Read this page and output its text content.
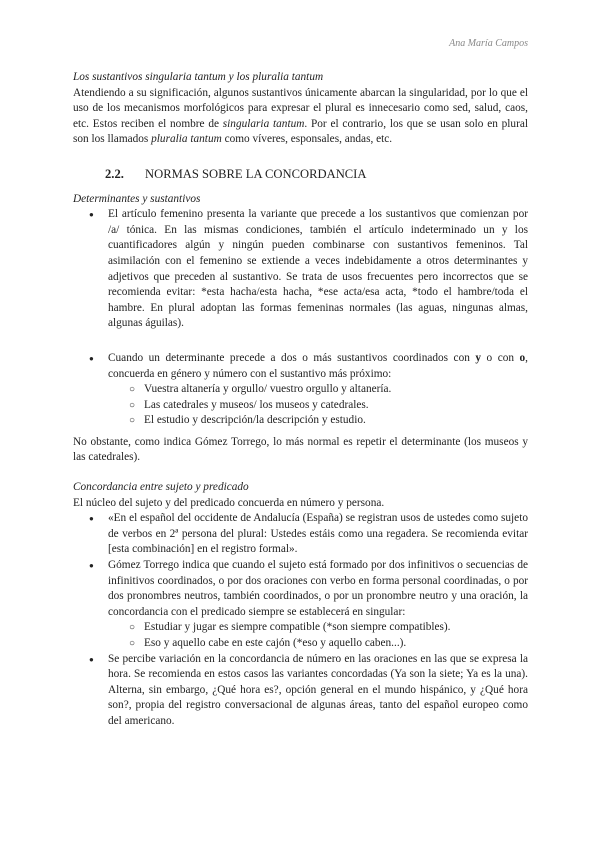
Ana María Campos

Los sustantivos singularia tantum y los pluralia tantum

Atendiendo a su significación, algunos sustantivos únicamente abarcan la singularidad, por lo que el uso de los mecanismos morfológicos para expresar el plural es innecesario como sed, salud, caos, etc. Estos reciben el nombre de singularia tantum. Por el contrario, los que se usan solo en plural son los llamados pluralia tantum como víveres, esponsales, andas, etc.

2.2. NORMAS SOBRE LA CONCORDANCIA

Determinantes y sustantivos

● El artículo femenino presenta la variante que precede a los sustantivos que comienzan por /a/ tónica. En las mismas condiciones, también el artículo indeterminado un y los cuantificadores algún y ningún pueden combinarse con sustantivos femeninos. Tal asimilación con el femenino se extiende a veces indebidamente a otros determinantes y adjetivos que preceden al sustantivo. Se trata de usos frecuentes pero incorrectos que se recomienda evitar: *esta hacha/esta hacha, *ese acta/esa acta, *todo el hambre/toda el hambre. En plural adoptan las formas femeninas normales (las aguas, ningunas almas, algunas águilas).
● Cuando un determinante precede a dos o más sustantivos coordinados con y o con o, concuerda en género y número con el sustantivo más próximo:
○ Vuestra altanería y orgullo/ vuestro orgullo y altanería.
○ Las catedrales y museos/ los museos y catedrales.
○ El estudio y descripción/la descripción y estudio.

No obstante, como indica Gómez Torrego, lo más normal es repetir el determinante (los museos y las catedrales).

Concordancia entre sujeto y predicado

El núcleo del sujeto y del predicado concuerda en número y persona.

● «En el español del occidente de Andalucía (España) se registran usos de ustedes como sujeto de verbos en 2ª persona del plural: Ustedes estáis como una regadera. Se recomienda evitar [esta combinación] en el registro formal».
● Gómez Torrego indica que cuando el sujeto está formado por dos infinitivos o secuencias de infinitivos coordinados, o por dos oraciones con verbo en forma personal coordinadas, o por dos pronombres neutros, también coordinados, o por un pronombre neutro y una oración, la concordancia con el predicado siempre se establecerá en singular:
○ Estudiar y jugar es siempre compatible (*son siempre compatibles).
○ Eso y aquello cabe en este cajón (*eso y aquello caben...).
● Se percibe variación en la concordancia de número en las oraciones en las que se expresa la hora. Se recomienda en estos casos las variantes concordadas (Ya son la siete; Ya es la una). Alterna, sin embargo, ¿Qué hora es?, opción general en el mundo hispánico, y ¿Qué hora son?, propia del registro conversacional de algunas áreas, tanto del español europeo como del americano.
